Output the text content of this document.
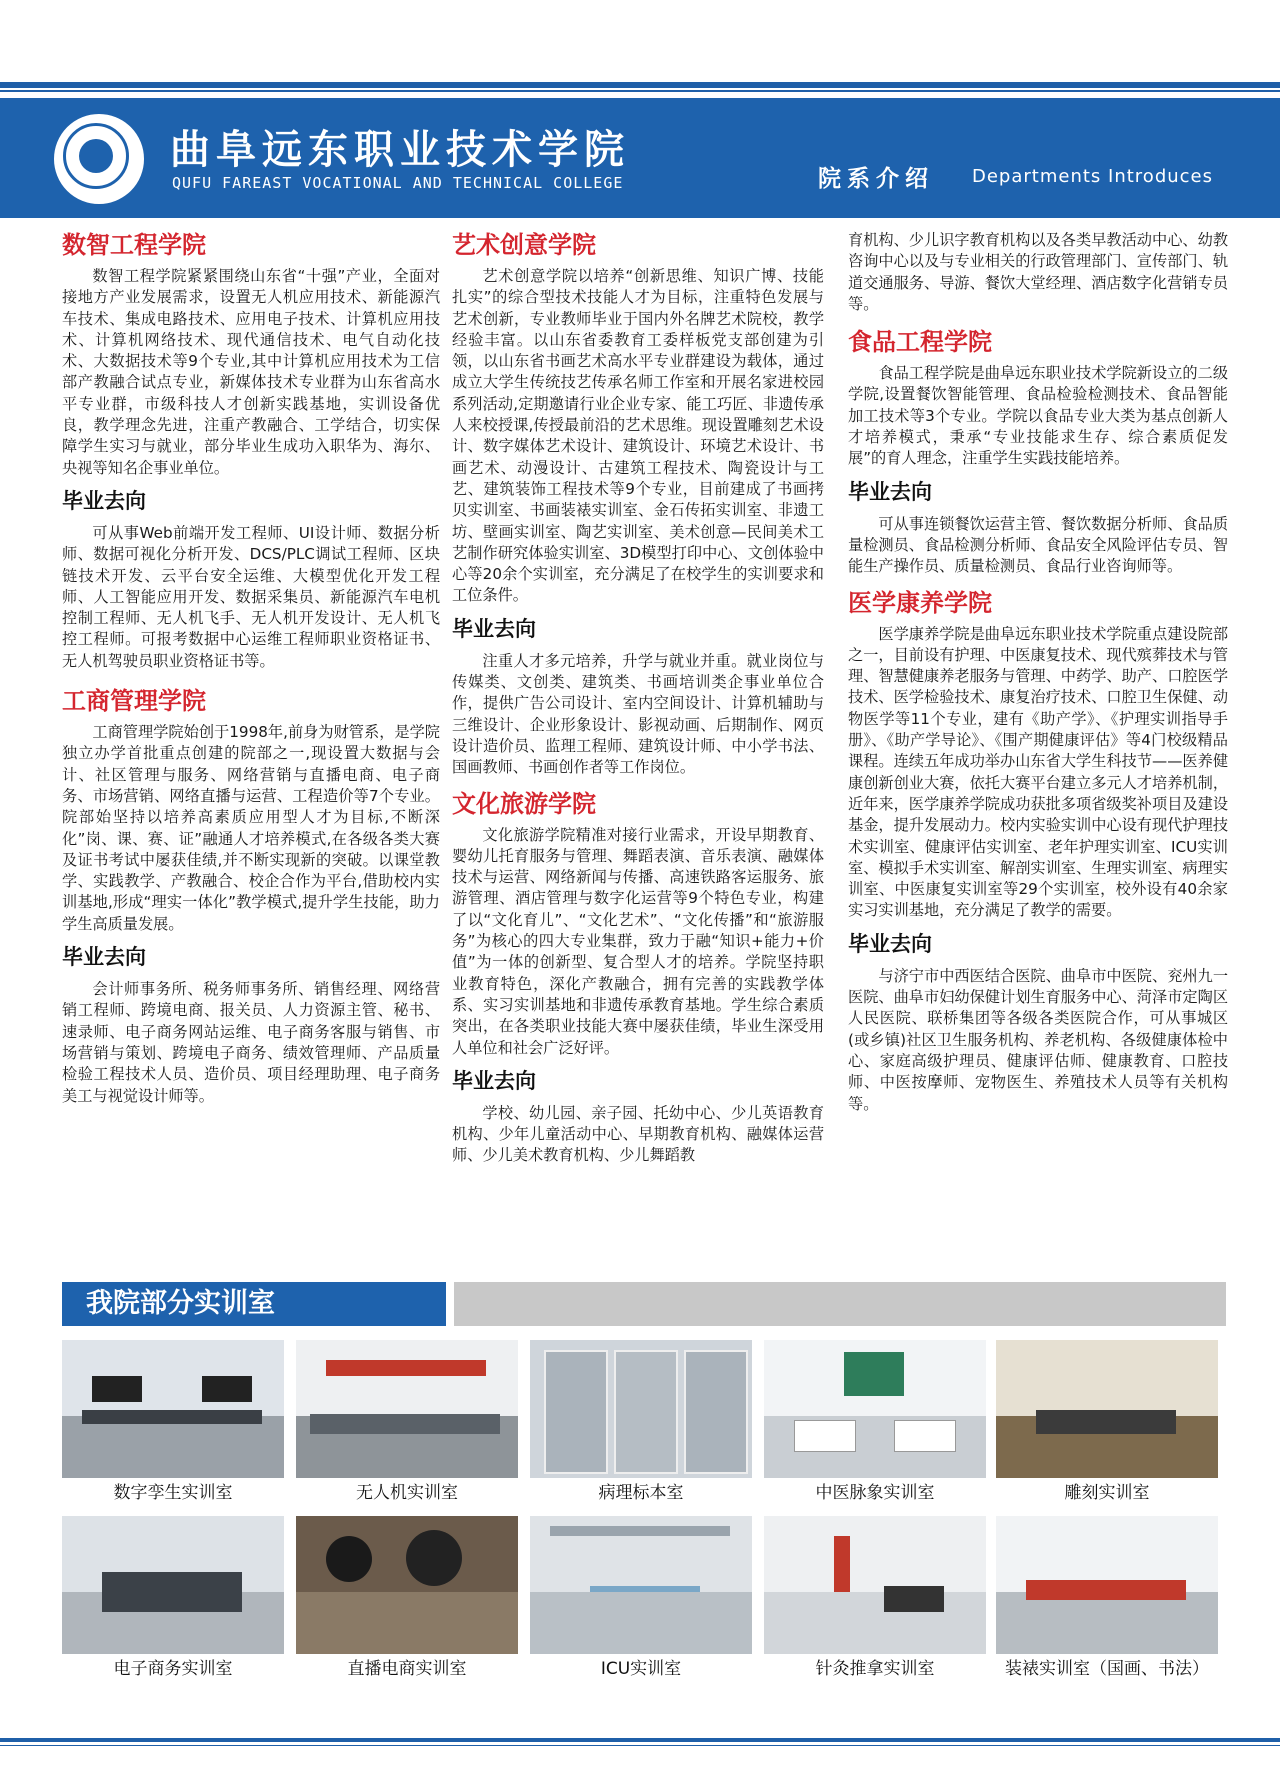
曲阜远东职业技术学院
QUFU FAREAST VOCATIONAL AND TECHNICAL COLLEGE	院系介绍 Departments Introduces
数智工程学院

数智工程学院紧紧围绕山东省“十强”产业，全面对接地方产业发展需求，设置无人机应用技术、新能源汽车技术、集成电路技术、应用电子技术、计算机应用技术、计算机网络技术、现代通信技术、电气自动化技术、大数据技术等9个专业,其中计算机应用技术为工信部产教融合试点专业，新媒体技术专业群为山东省高水平专业群，市级科技人才创新实践基地，实训设备优良，教学理念先进，注重产教融合、工学结合，切实保障学生实习与就业，部分毕业生成功入职华为、海尔、央视等知名企事业单位。

毕业去向

可从事Web前端开发工程师、UI设计师、数据分析师、数据可视化分析开发、DCS/PLC调试工程师、区块链技术开发、云平台安全运维、大模型优化开发工程师、人工智能应用开发、数据采集员、新能源汽车电机控制工程师、无人机飞手、无人机开发设计、无人机飞控工程师。可报考数据中心运维工程师职业资格证书、无人机驾驶员职业资格证书等。

工商管理学院

工商管理学院始创于1998年,前身为财管系，是学院独立办学首批重点创建的院部之一,现设置大数据与会计、社区管理与服务、网络营销与直播电商、电子商务、市场营销、网络直播与运营、工程造价等7个专业。院部始坚持以培养高素质应用型人才为目标,不断深化”岗、课、赛、证”融通人才培养模式,在各级各类大赛及证书考试中屡获佳绩,并不断实现新的突破。以课堂教学、实践教学、产教融合、校企合作为平台,借助校内实训基地,形成“理实一体化”教学模式,提升学生技能，助力学生高质量发展。

毕业去向

会计师事务所、税务师事务所、销售经理、网络营销工程师、跨境电商、报关员、人力资源主管、秘书、速录师、电子商务网站运维、电子商务客服与销售、市场营销与策划、跨境电子商务、绩效管理师、产品质量检验工程技术人员、造价员、项目经理助理、电子商务美工与视觉设计师等。

艺术创意学院

艺术创意学院以培养“创新思维、知识广博、技能扎实”的综合型技术技能人才为目标，注重特色发展与艺术创新，专业教师毕业于国内外名牌艺术院校，教学经验丰富。以山东省委教育工委样板党支部创建为引领，以山东省书画艺术高水平专业群建设为载体，通过成立大学生传统技艺传承名师工作室和开展名家进校园系列活动,定期邀请行业企业专家、能工巧匠、非遗传承人来校授课,传授最前沿的艺术思维。现设置雕刻艺术设计、数字媒体艺术设计、建筑设计、环境艺术设计、书画艺术、动漫设计、古建筑工程技术、陶瓷设计与工艺、建筑装饰工程技术等9个专业，目前建成了书画拷贝实训室、书画装裱实训室、金石传拓实训室、非遗工坊、壁画实训室、陶艺实训室、美术创意—民间美术工艺制作研究体验实训室、3D模型打印中心、文创体验中心等20余个实训室，充分满足了在校学生的实训要求和工位条件。

毕业去向

注重人才多元培养，升学与就业并重。就业岗位与传媒类、文创类、建筑类、书画培训类企事业单位合作，提供广告公司设计、室内空间设计、计算机辅助与三维设计、企业形象设计、影视动画、后期制作、网页设计造价员、监理工程师、建筑设计师、中小学书法、国画教师、书画创作者等工作岗位。

文化旅游学院

文化旅游学院精准对接行业需求，开设早期教育、婴幼儿托育服务与管理、舞蹈表演、音乐表演、融媒体技术与运营、网络新闻与传播、高速铁路客运服务、旅游管理、酒店管理与数字化运营等9个特色专业，构建了以“文化育儿”、“文化艺术”、“文化传播”和“旅游服务”为核心的四大专业集群，致力于融“知识+能力+价值”为一体的创新型、复合型人才的培养。学院坚持职业教育特色，深化产教融合，拥有完善的实践教学体系、实习实训基地和非遗传承教育基地。学生综合素质突出，在各类职业技能大赛中屡获佳绩，毕业生深受用人单位和社会广泛好评。

毕业去向

学校、幼儿园、亲子园、托幼中心、少儿英语教育机构、少年儿童活动中心、早期教育机构、融媒体运营师、少儿美术教育机构、少儿舞蹈教

育机构、少儿识字教育机构以及各类早教活动中心、幼教咨询中心以及与专业相关的行政管理部门、宣传部门、轨道交通服务、导游、餐饮大堂经理、酒店数字化营销专员等。

食品工程学院

食品工程学院是曲阜远东职业技术学院新设立的二级学院,设置餐饮智能管理、食品检验检测技术、食品智能加工技术等3个专业。学院以食品专业大类为基点创新人才培养模式，秉承“专业技能求生存、综合素质促发展”的育人理念，注重学生实践技能培养。

毕业去向

可从事连锁餐饮运营主管、餐饮数据分析师、食品质量检测员、食品检测分析师、食品安全风险评估专员、智能生产操作员、质量检测员、食品行业咨询师等。

医学康养学院

医学康养学院是曲阜远东职业技术学院重点建设院部之一，目前设有护理、中医康复技术、现代殡葬技术与管理、智慧健康养老服务与管理、中药学、助产、口腔医学技术、医学检验技术、康复治疗技术、口腔卫生保健、动物医学等11个专业，建有《助产学》、《护理实训指导手册》、《助产学导论》、《围产期健康评估》等4门校级精品课程。连续五年成功举办山东省大学生科技节——医养健康创新创业大赛，依托大赛平台建立多元人才培养机制，近年来，医学康养学院成功获批多项省级奖补项目及建设基金，提升发展动力。校内实验实训中心设有现代护理技术实训室、健康评估实训室、老年护理实训室、ICU实训室、模拟手术实训室、解剖实训室、生理实训室、病理实训室、中医康复实训室等29个实训室，校外设有40余家实习实训基地，充分满足了教学的需要。

毕业去向

与济宁市中西医结合医院、曲阜市中医院、兖州九一医院、曲阜市妇幼保健计划生育服务中心、菏泽市定陶区人民医院、联桥集团等各级各类医院合作，可从事城区(或乡镇)社区卫生服务机构、养老机构、各级健康体检中心、家庭高级护理员、健康评估师、健康教育、口腔技师、中医按摩师、宠物医生、养殖技术人员等有关机构等。

我院部分实训室
数字孪生实训室	无人机实训室	病理标本室	中医脉象实训室	雕刻实训室
电子商务实训室	直播电商实训室	ICU实训室	针灸推拿实训室	装裱实训室（国画、书法）
